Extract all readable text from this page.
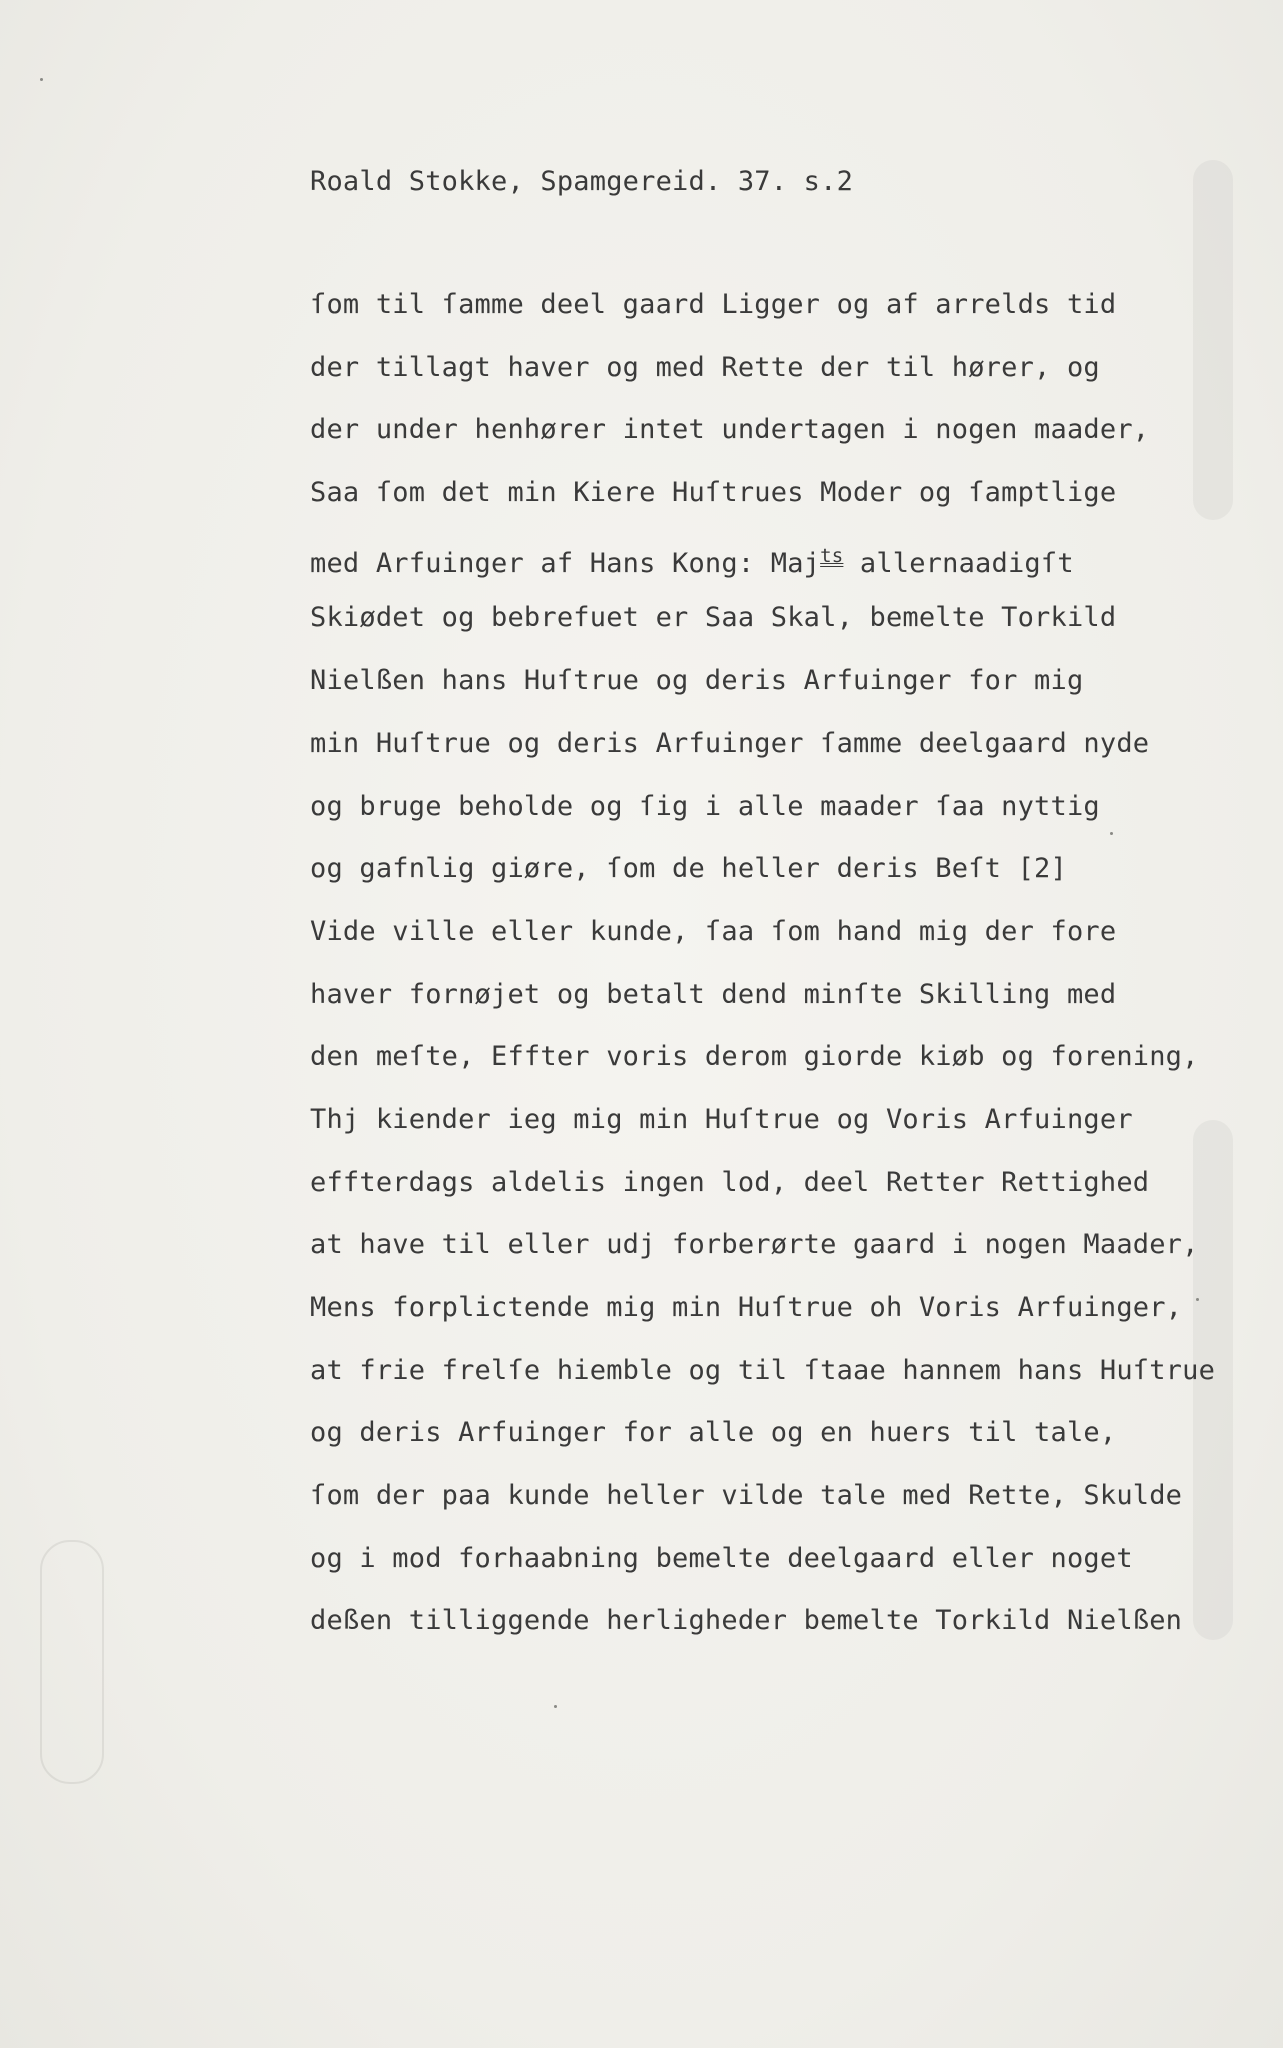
Roald Stokke, Spamgereid. 37. s.2
ſom til ſamme deel gaard Ligger og af arrelds tid
der tillagt haver og med Rette der til hører, og
der under henhører intet undertagen i nogen maader,
Saa ſom det min Kiere Huſtrues Moder og ſamptlige
med Arfuinger af Hans Kong: Maj$^{ts}$ allernaadigſt
Skiødet og bebrefuet er Saa Skal, bemelte Torkild
Nielßen hans Huſtrue og deris Arfuinger for mig
min Huſtrue og deris Arfuinger ſamme deelgaard nyde
og bruge beholde og ſig i alle maader ſaa nyttig
og gafnlig giøre, ſom de heller deris Beſt [2]
Vide ville eller kunde, ſaa ſom hand mig der fore
haver fornøjet og betalt dend minſte Skilling med
den meſte, Effter voris derom giorde kiøb og forening,
Thj kiender ieg mig min Huſtrue og Voris Arfuinger
effterdags aldelis ingen lod, deel Retter Rettighed
at have til eller udj forberørte gaard i nogen Maader,
Mens forplictende mig min Huſtrue oh Voris Arfuinger,
at frie frelſe hiemble og til ſtaae hannem hans Huſtrue
og deris Arfuinger for alle og en huers til tale,
ſom der paa kunde heller vilde tale med Rette, Skulde
og i mod forhaabning bemelte deelgaard eller noget
deßen tilliggende herligheder bemelte Torkild Nielßen
